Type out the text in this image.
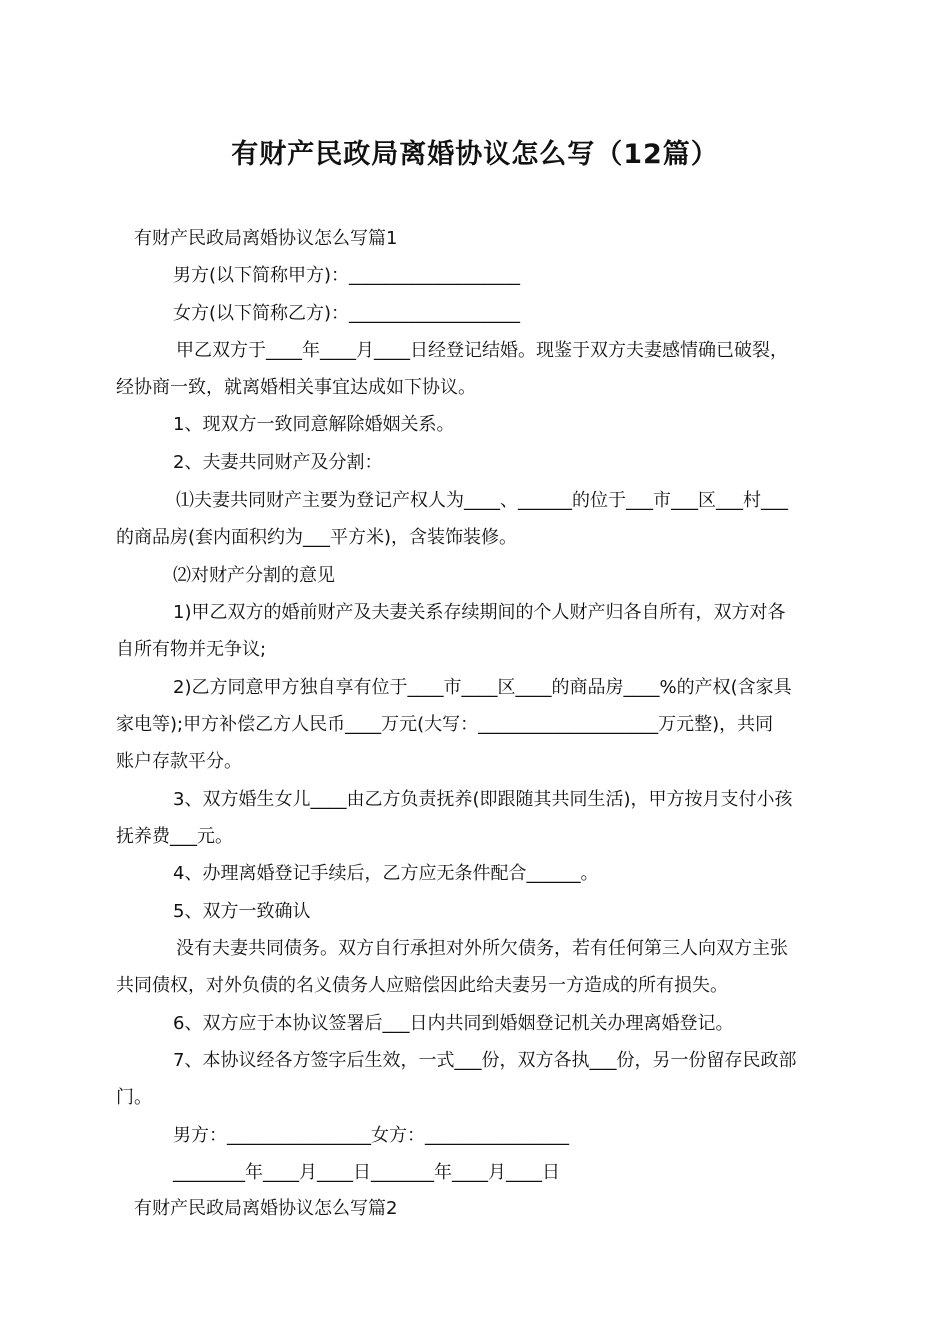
有财产民政局离婚协议怎么写（12篇）
有财产民政局离婚协议怎么写篇1
男方(以下简称甲方)：___________________
女方(以下简称乙方)：___________________
甲乙双方于____年____月____日经登记结婚。现鉴于双方夫妻感情确已破裂，
经协商一致，就离婚相关事宜达成如下协议。
1、现双方一致同意解除婚姻关系。
2、夫妻共同财产及分割：
⑴夫妻共同财产主要为登记产权人为____、______的位于___市___区___村___
的商品房(套内面积约为___平方米)，含装饰装修。
⑵对财产分割的意见
1)甲乙双方的婚前财产及夫妻关系存续期间的个人财产归各自所有，双方对各
自所有物并无争议;
2)乙方同意甲方独自享有位于____市____区____的商品房____%的产权(含家具
家电等);甲方补偿乙方人民币____万元(大写：____________________万元整)，共同
账户存款平分。
3、双方婚生女儿____由乙方负责抚养(即跟随其共同生活)，甲方按月支付小孩
抚养费___元。
4、办理离婚登记手续后，乙方应无条件配合______。
5、双方一致确认
没有夫妻共同债务。双方自行承担对外所欠债务，若有任何第三人向双方主张
共同债权，对外负债的名义债务人应赔偿因此给夫妻另一方造成的所有损失。
6、双方应于本协议签署后___日内共同到婚姻登记机关办理离婚登记。
7、本协议经各方签字后生效，一式___份，双方各执___份，另一份留存民政部
门。
男方：________________女方：________________
________年____月____日_______年____月____日
有财产民政局离婚协议怎么写篇2
